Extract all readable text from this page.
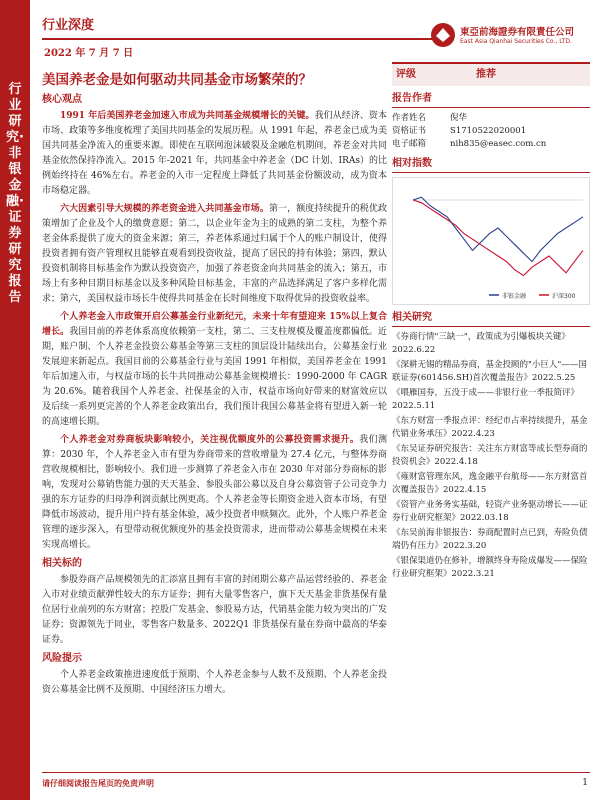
行业研究·非银金融·证券研究报告
行业深度
2022 年 7 月 7 日
東亞前海證券有限責任公司
East Asia Qianhai Securities Co., LTD.
美国养老金是如何驱动共同基金市场繁荣的？
核心观点
1991 年后美国养老金加速入市成为共同基金规模增长的关键。我们从经济、资本市场、政策等多维度梳理了美国共同基金的发展历程。从 1991 年起，养老金已成为美国共同基金净流入的重要来源。即使在互联网泡沫破裂及金融危机期间，养老金对共同基金依然保持净流入。2015 年-2021 年，共同基金中养老金（DC 计划、IRAs）的比例始终持在 46%左右。养老金的入市一定程度上降低了共同基金份额波动，成为资本市场稳定器。
六大因素引导大规模的养老资金进入共同基金市场。第一，额度持续提升的税优政策增加了企业及个人的缴费意愿；第二，以企业年金为主的成熟的第二支柱，为整个养老金体系提供了庞大的资金来源；第三，养老体系通过归属于个人的账户制设计，使得投资者拥有资产管理权且能够直观看到投资收益，提高了居民的持有体验；第四，默认投资机制将目标基金作为默认投资资产，加强了养老资金向共同基金的流入；第五，市场上有多种目期目标基金以及多种风险目标基金，丰富的产品选择满足了客户多样化需求；第六，美国权益市场长牛使得共同基金在长时间维度下取得优异的投资收益率。
个人养老金入市政策开启公募基金行业新纪元，未来十年有望迎来 15%以上复合增长。我国目前的养老体系高度依赖第一支柱，第二、三支柱规模及覆盖度都偏低。近期，账户制、个人养老金投资公募基金等第三支柱的顶层设计陆续出台，公募基金行业发展迎来新起点。我国目前的公募基金行业与美国 1991 年相似，美国养老金在 1991 年后加速入市，与权益市场的长牛共同推动公募基金规模增长：1990-2000 年 CAGR 为 20.6%。随着我国个人养老金、社保基金的入市，权益市场向好带来的财富效应以及后续一系列更完善的个人养老金政策出台，我们预计我国公募基金将有望进入新一轮的高速增长期。
个人养老金对券商板块影响较小，关注视优额度外的公募投资需求提升。我们测算：2030 年，个人养老金入市有望为券商带来的营收增量为 27.4 亿元，与整体券商营收规模相比，影响较小。我们进一步测算了养老金入市在 2030 年对部分券商标的影响，发现对公募销售能力强的天天基金、参股头部公募以及自身公募资管子公司竞争力强的东方证券的归母净利润贡献比例更高。个人养老金等长期资金进入资本市场，有望降低市场波动，提升用户持有基金体验，减少投资者申赎频次。此外，个人账户养老金管理的逐步深入，有望带动税优额度外的基金投资需求，进而带动公募基金规模在未来实现高增长。
相关标的
参股券商产品规模领先的汇添富且拥有丰富的封闭期公募产品运营经验的、养老金入市对业绩贡献弹性较大的东方证券；拥有大量零售客户，旗下天天基金非货基保有量位居行业前列的东方财富；控股广发基金、参股易方达，代销基金能力较为突出的广发证券；资源领先于同业，零售客户数量多、2022Q1 非货基保有量在券商中最高的华泰证券。
风险提示
个人养老金政策推进速度低于预期、个人养老金参与人数不及预期、个人养老金投资公募基金比例不及预期、中国经济压力增大。
评级	推荐
报告作者
作者姓名	倪华
资格证书	S1710522020001
电子邮箱	nih835@easec.com.cn
相对指数
非银金融	沪深300
相关研究
《券商行情"三缺一"，政策成为引爆板块关键》2022.6.22
《深耕无锡的精品券商，基金投顾的"小巨人"——国联证券(601456.SH)首次覆盖报告》2022.5.25
《喂雁国券，五没于成——非银行业一季报简评》2022.5.11
《东方财富一季报点评：经纪市占率持续提升，基金代销业务承压》2022.4.23
《东吴证券研究报告：关注东方财富等成长型券商的投资机会》2022.4.18
《雍财富管理东风，逸金融平台航母——东方财富首次覆盖报告》2022.4.15
《资管产业务务实基础，轻资产业务驱动增长——证券行业研究框架》2022.03.18
《东吴前海非银报告：券商配置时点已到，寿险负债端仍有压力》2022.3.20
《银保渠道仍在修补，增额终身寿险成爆发——保险行业研究框架》2022.3.21
请仔细阅读报告尾页的免责声明	1
